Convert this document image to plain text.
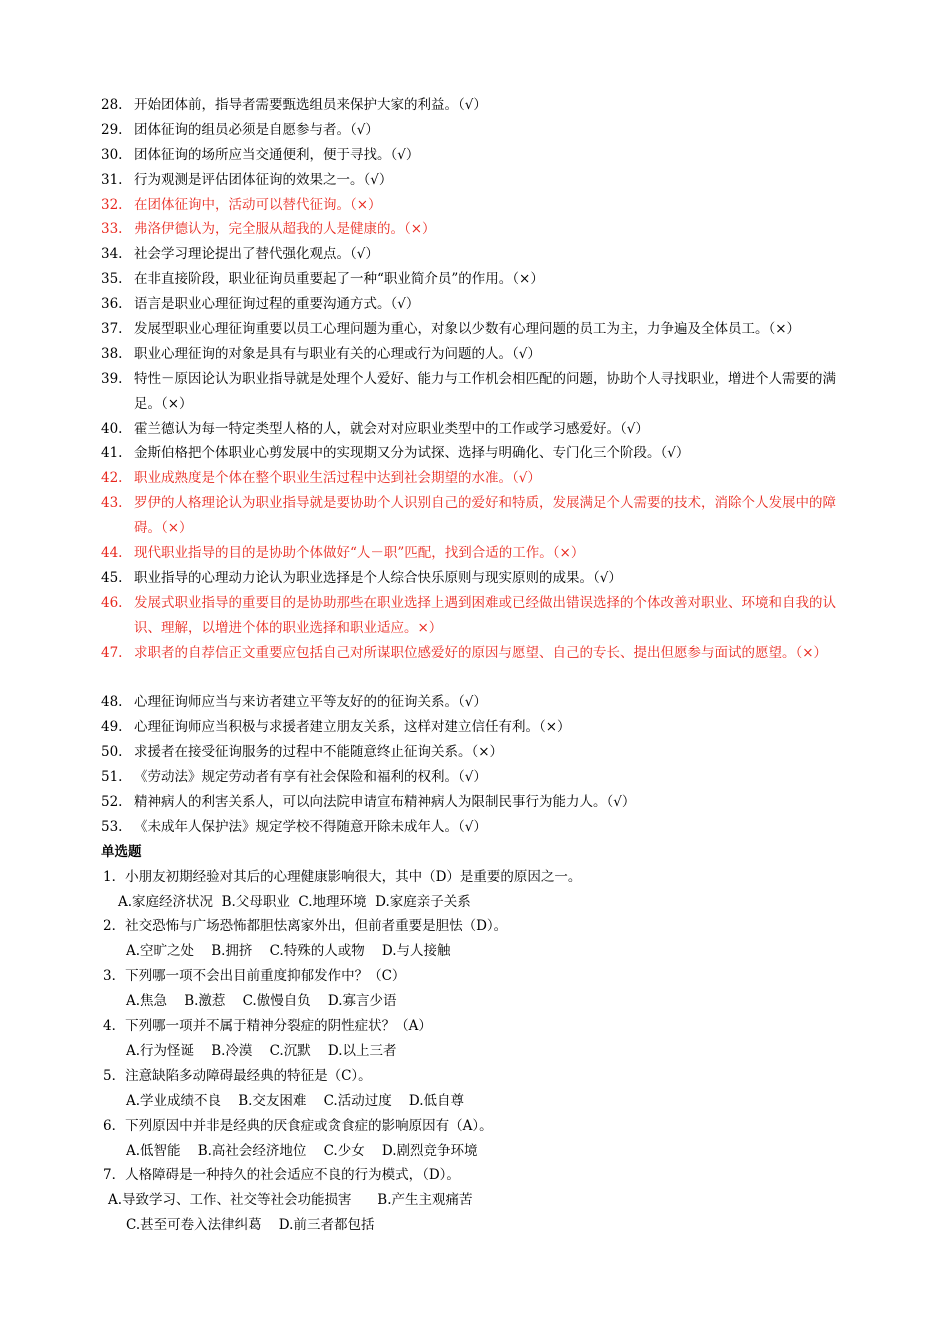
28. 开始团体前，指导者需要甄选组员来保护大家的利益。（√）
29. 团体征询的组员必须是自愿参与者。（√）
30. 团体征询的场所应当交通便利，便于寻找。（√）
31. 行为观测是评估团体征询的效果之一。（√）
32. 在团体征询中，活动可以替代征询。（×）
33. 弗洛伊德认为，完全服从超我的人是健康的。（×）
34. 社会学习理论提出了替代强化观点。（√）
35. 在非直接阶段，职业征询员重要起了一种“职业简介员”的作用。（×）
36. 语言是职业心理征询过程的重要沟通方式。（√）
37. 发展型职业心理征询重要以员工心理问题为重心，对象以少数有心理问题的员工为主，力争遍及全体员工。（×）
38. 职业心理征询的对象是具有与职业有关的心理或行为问题的人。（√）
39. 特性－原因论认为职业指导就是处理个人爱好、能力与工作机会相匹配的问题，协助个人寻找职业，增进个人需要的满足。（×）
40. 霍兰德认为每一特定类型人格的人，就会对对应职业类型中的工作或学习感爱好。（√）
41. 金斯伯格把个体职业心剪发展中的实现期又分为试探、选择与明确化、专门化三个阶段。（√）
42. 职业成熟度是个体在整个职业生活过程中达到社会期望的水准。（√）
43. 罗伊的人格理论认为职业指导就是要协助个人识别自己的爱好和特质，发展满足个人需要的技术，消除个人发展中的障碍。（×）
44. 现代职业指导的目的是协助个体做好“人－职”匹配，找到合适的工作。（×）
45. 职业指导的心理动力论认为职业选择是个人综合快乐原则与现实原则的成果。（√）
46. 发展式职业指导的重要目的是协助那些在职业选择上遇到困难或已经做出错误选择的个体改善对职业、环境和自我的认识、理解，以增进个体的职业选择和职业适应。×）
47. 求职者的自荐信正文重要应包括自己对所谋职位感爱好的原因与愿望、自己的专长、提出但愿参与面试的愿望。（×）
48. 心理征询师应当与来访者建立平等友好的的征询关系。（√）
49. 心理征询师应当积极与求援者建立朋友关系，这样对建立信任有利。（×）
50. 求援者在接受征询服务的过程中不能随意终止征询关系。（×）
51. 《劳动法》规定劳动者有享有社会保险和福利的权利。（√）
52. 精神病人的利害关系人，可以向法院申请宣布精神病人为限制民事行为能力人。（√）
53. 《未成年人保护法》规定学校不得随意开除未成年人。（√）
单选题
1．小朋友初期经验对其后的心理健康影响很大，其中（D）是重要的原因之一。
A.家庭经济状况  B.父母职业  C.地理环境  D.家庭亲子关系
2．社交恐怖与广场恐怖都胆怯离家外出，但前者重要是胆怯（D）。
A.空旷之处    B.拥挤    C.特殊的人或物    D.与人接触
3．下列哪一项不会出目前重度抑郁发作中？（C）
A.焦急    B.激惹    C.傲慢自负    D.寡言少语
4．下列哪一项并不属于精神分裂症的阴性症状？（A）
A.行为怪诞    B.冷漠    C.沉默    D.以上三者
5．注意缺陷多动障碍最经典的特征是（C）。
A.学业成绩不良    B.交友困难    C.活动过度    D.低自尊
6．下列原因中并非是经典的厌食症或贪食症的影响原因有（A）。
A.低智能    B.高社会经济地位    C.少女    D.剧烈竞争环境
7．人格障碍是一种持久的社会适应不良的行为模式，（D）。
A.导致学习、工作、社交等社会功能损害      B.产生主观痛苦
C.甚至可卷入法律纠葛    D.前三者都包括
